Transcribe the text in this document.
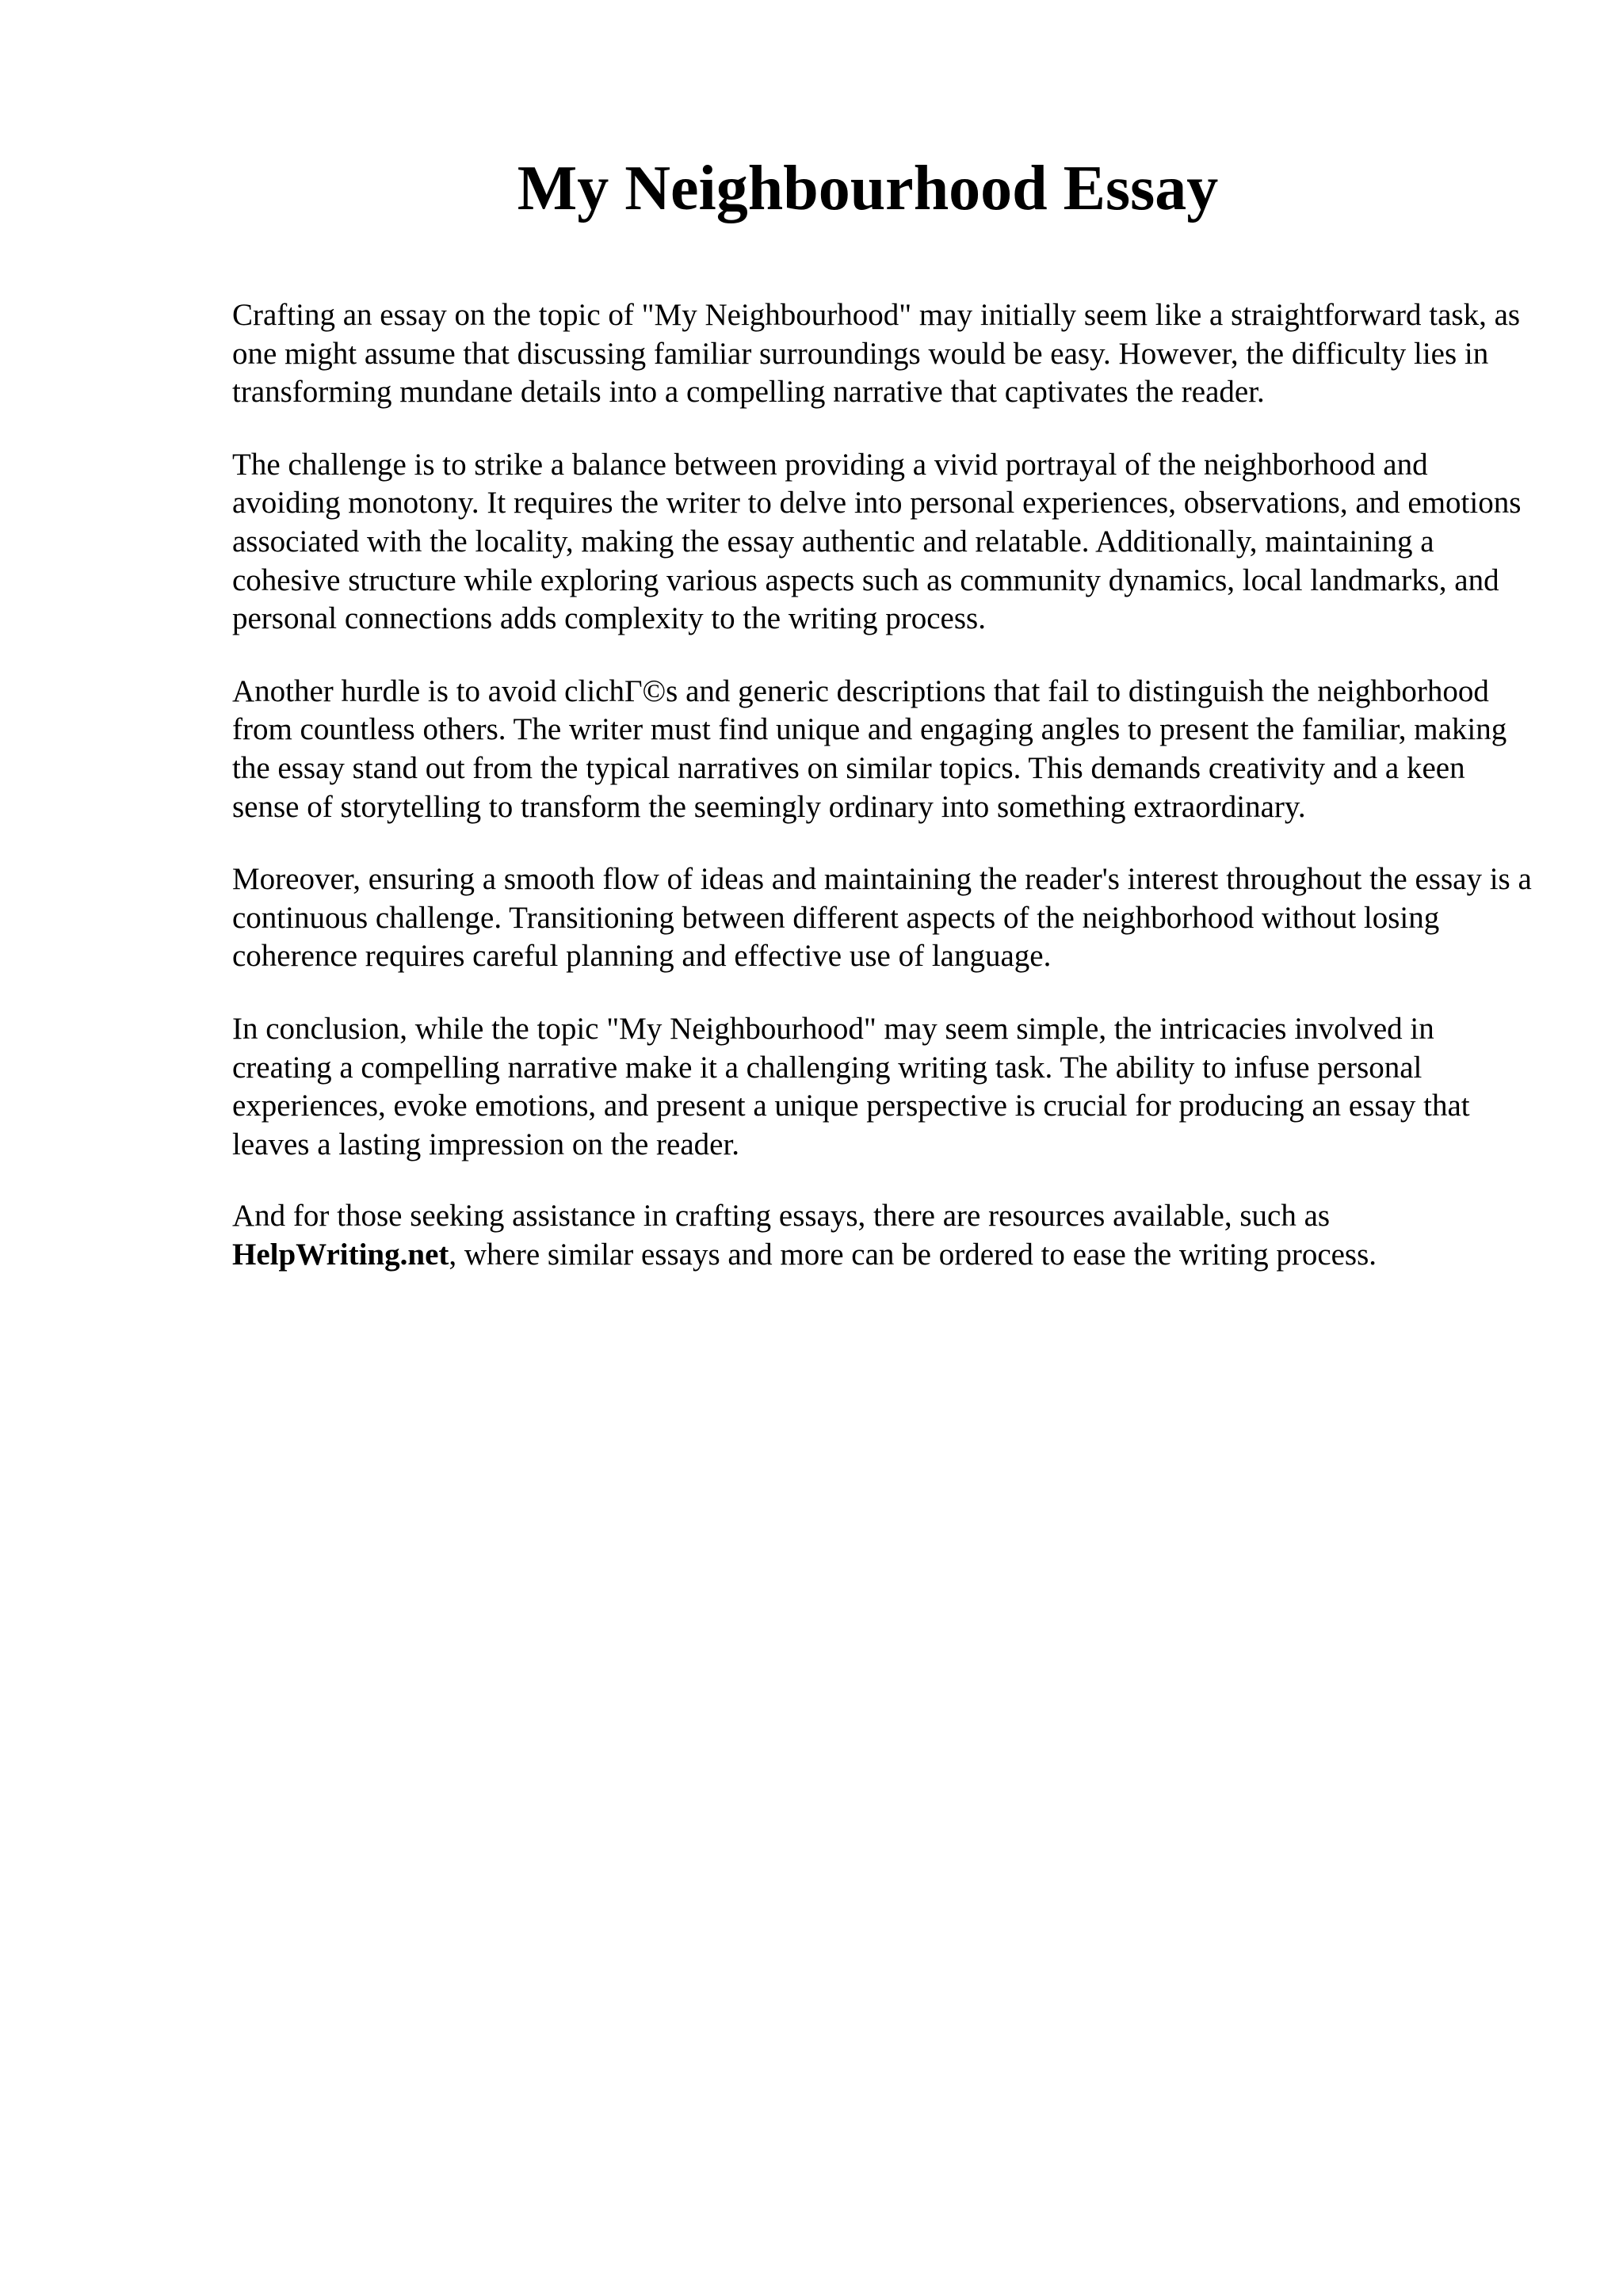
My Neighbourhood Essay

Crafting an essay on the topic of "My Neighbourhood" may initially seem like a straightforward task, as one might assume that discussing familiar surroundings would be easy. However, the difficulty lies in transforming mundane details into a compelling narrative that captivates the reader.

The challenge is to strike a balance between providing a vivid portrayal of the neighborhood and avoiding monotony. It requires the writer to delve into personal experiences, observations, and emotions associated with the locality, making the essay authentic and relatable. Additionally, maintaining a cohesive structure while exploring various aspects such as community dynamics, local landmarks, and personal connections adds complexity to the writing process.

Another hurdle is to avoid clichΓ©s and generic descriptions that fail to distinguish the neighborhood from countless others. The writer must find unique and engaging angles to present the familiar, making the essay stand out from the typical narratives on similar topics. This demands creativity and a keen sense of storytelling to transform the seemingly ordinary into something extraordinary.

Moreover, ensuring a smooth flow of ideas and maintaining the reader's interest throughout the essay is a continuous challenge. Transitioning between different aspects of the neighborhood without losing coherence requires careful planning and effective use of language.

In conclusion, while the topic "My Neighbourhood" may seem simple, the intricacies involved in creating a compelling narrative make it a challenging writing task. The ability to infuse personal experiences, evoke emotions, and present a unique perspective is crucial for producing an essay that leaves a lasting impression on the reader.

And for those seeking assistance in crafting essays, there are resources available, such as
HelpWriting.net, where similar essays and more can be ordered to ease the writing process.
